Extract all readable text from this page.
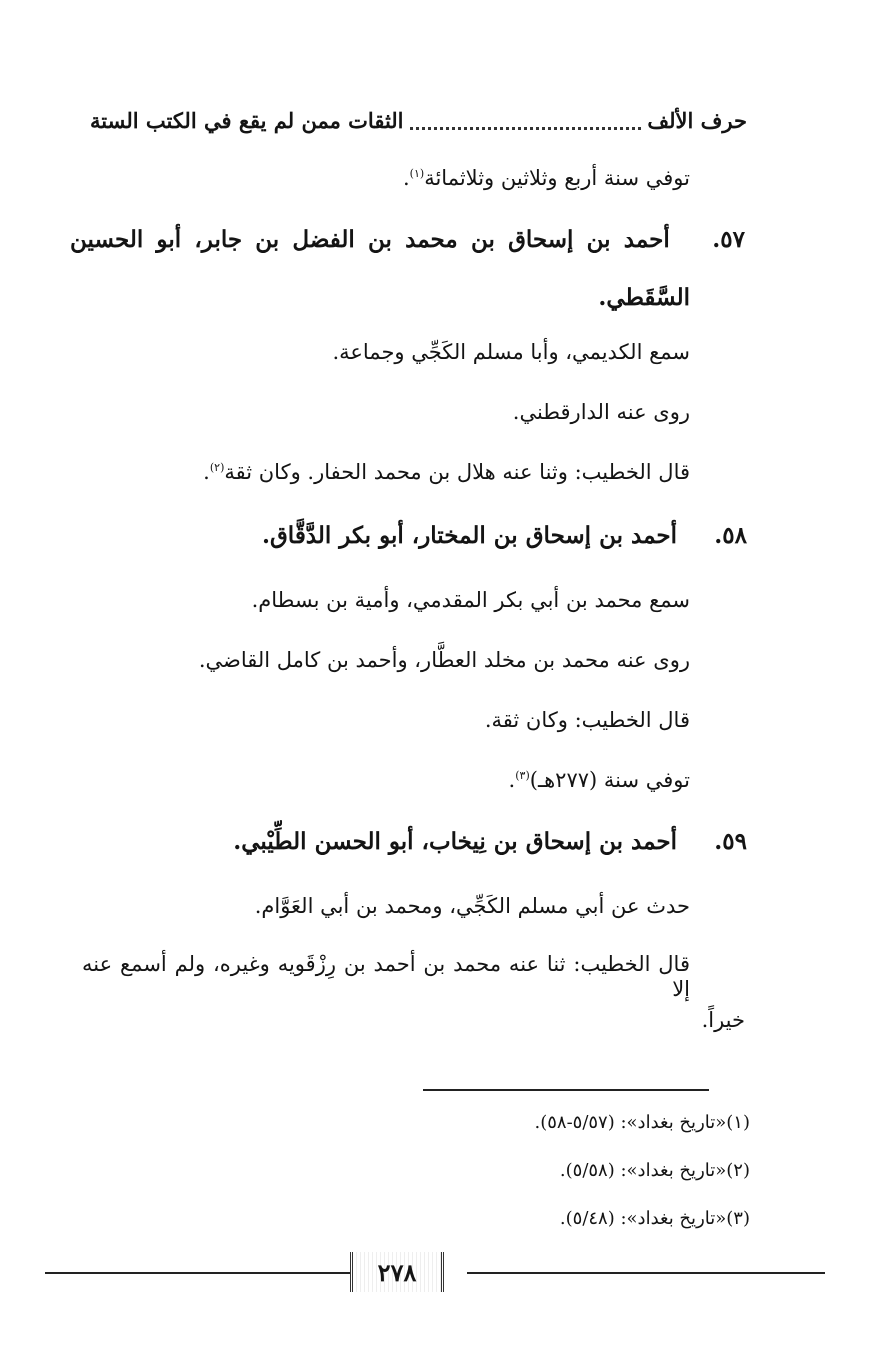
حرف الألف
الثقات ممن لم يقع في الكتب الستة
توفي سنة أربع وثلاثين وثلاثمائة$^{(١)}$.
٥٧. أحمد بن إسحاق بن محمد بن الفضل بن جابر، أبو الحسين
السَّقَطي.
سمع الكديمي، وأبا مسلم الكَجِّي وجماعة.
روى عنه الدارقطني.
قال الخطيب: وثنا عنه هلال بن محمد الحفار. وكان ثقة$^{(٢)}$.
٥٨. أحمد بن إسحاق بن المختار، أبو بكر الدَّقَّاق.
سمع محمد بن أبي بكر المقدمي، وأمية بن بسطام.
روى عنه محمد بن مخلد العطَّار، وأحمد بن كامل القاضي.
قال الخطيب: وكان ثقة.
توفي سنة (٢٧٧هـ)$^{(٣)}$.
٥٩. أحمد بن إسحاق بن نِيخاب، أبو الحسن الطِّيْبي.
حدث عن أبي مسلم الكَجِّي، ومحمد بن أبي العَوَّام.
قال الخطيب: ثنا عنه محمد بن أحمد بن رِزْقَويه وغيره، ولم أسمع عنه إلا
خيراً.
(١)«تاريخ بغداد»: (٥/٥٧-٥٨).
(٢)«تاريخ بغداد»: (٥/٥٨).
(٣)«تاريخ بغداد»: (٥/٤٨).
٢٧٨
